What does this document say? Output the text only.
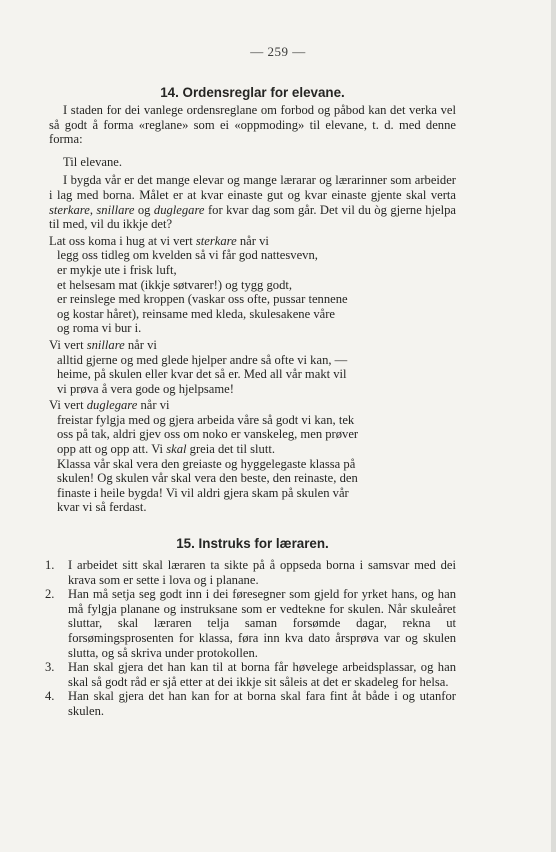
— 259 —
14. Ordensreglar for elevane.

I staden for dei vanlege ordensreglane om forbod og påbod kan det verka vel så godt å forma «reglane» som ei «oppmoding» til elevane, t. d. med denne forma:

Til elevane.

I bygda vår er det mange elevar og mange lærarar og lærarinner som arbeider i lag med borna. Målet er at kvar einaste gut og kvar einaste gjente skal verta sterkare, snillare og duglegare for kvar dag som går. Det vil du òg gjerne hjelpa til med, vil du ikkje det?

Lat oss koma i hug at vi vert sterkare når vi

legg oss tidleg om kvelden så vi får god nattesvevn,

er mykje ute i frisk luft,

et helsesam mat (ikkje søtvarer!) og tygg godt,

er reinslege med kroppen (vaskar oss ofte, pussar tennene

og kostar håret), reinsame med kleda, skulesakene våre

og roma vi bur i.

Vi vert snillare når vi

alltid gjerne og med glede hjelper andre så ofte vi kan, —

heime, på skulen eller kvar det så er. Med all vår makt vil

vi prøva å vera gode og hjelpsame!

Vi vert duglegare når vi

freistar fylgja med og gjera arbeida våre så godt vi kan, tek

oss på tak, aldri gjev oss om noko er vanskeleg, men prøver

opp att og opp att. Vi skal greia det til slutt.

Klassa vår skal vera den greiaste og hyggelegaste klassa på

skulen! Og skulen vår skal vera den beste, den reinaste, den

finaste i heile bygda! Vi vil aldri gjera skam på skulen vår

kvar vi så ferdast.

15. Instruks for læraren.
1. I arbeidet sitt skal læraren ta sikte på å oppseda borna i samsvar med dei krava som er sette i lova og i planane.
2. Han må setja seg godt inn i dei føresegner som gjeld for yrket hans, og han må fylgja planane og instruksane som er vedtekne for skulen. Når skuleåret sluttar, skal læraren telja saman forsømde dagar, rekna ut forsømingsprosenten for klassa, føra inn kva dato årsprøva var og skulen slutta, og så skriva under protokollen.
3. Han skal gjera det han kan til at borna får høvelege arbeidsplassar, og han skal så godt råd er sjå etter at dei ikkje sit såleis at det er skadeleg for helsa.
4. Han skal gjera det han kan for at borna skal fara fint åt både i og utanfor skulen.
